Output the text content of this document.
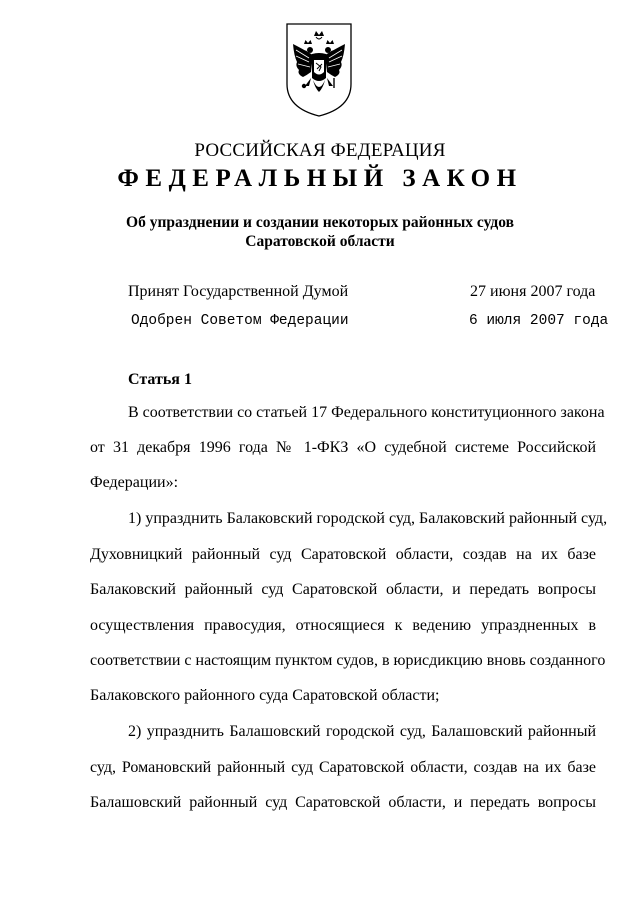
РОССИЙСКАЯ ФЕДЕРАЦИЯ
ФЕДЕРАЛЬНЫЙ ЗАКОН
Об упразднении и создании некоторых районных судов
Саратовской области
Принят Государственной Думой	27 июня 2007 года
Одобрен Советом Федерации	6 июля 2007 года
Статья 1
В соответствии со статьей 17 Федерального конституционного закона
от 31 декабря 1996 года № 1-ФКЗ «О судебной системе Российской
Федерации»:
1) упразднить Балаковский городской суд, Балаковский районный суд,
Духовницкий районный суд Саратовской области, создав на их базе
Балаковский районный суд Саратовской области, и передать вопросы
осуществления правосудия, относящиеся к ведению упраздненных в
соответствии с настоящим пунктом судов, в юрисдикцию вновь созданного
Балаковского районного суда Саратовской области;
2) упразднить Балашовский городской суд, Балашовский районный
суд, Романовский районный суд Саратовской области, создав на их базе
Балашовский районный суд Саратовской области, и передать вопросы
